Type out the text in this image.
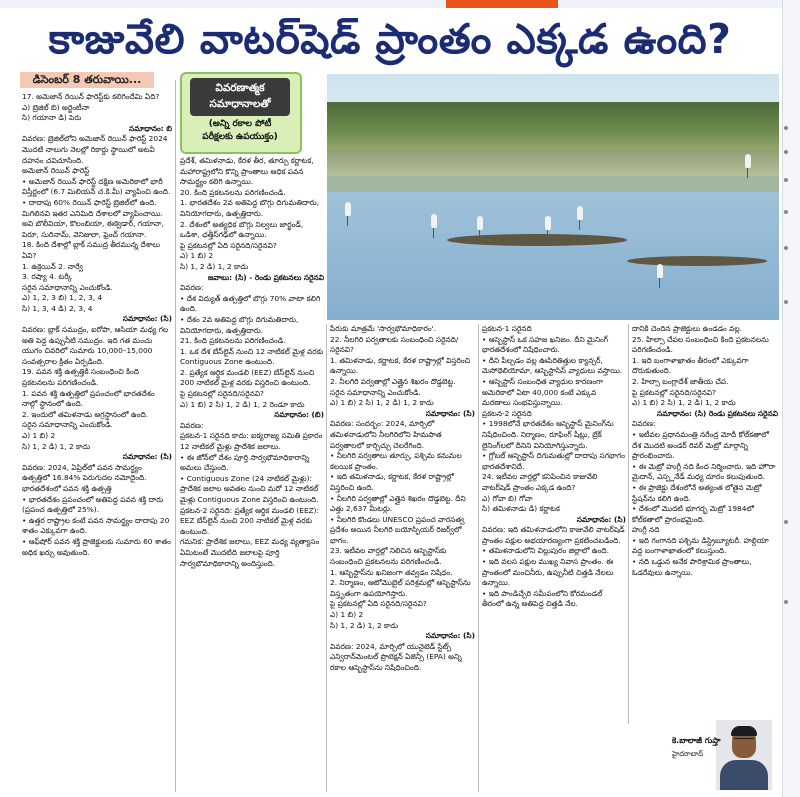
కాజువేలి వాటర్‌షెడ్ ప్రాంతం ఎక్కడ ఉంది?
డిసెంబర్ 8 తరువాయి...
వివరణాత్మక
సమాధానాలతో
(అన్ని రకాల పోటీ పరీక్షలకు ఉపయుక్తం)

17. అమెజాన్ రెయిన్ ఫారెస్ట్‌కు కలిగిందేమి ఏది?

ఎ) బ్రెజిల్ బి) అర్జెంటీనా

సి) గయానా డి) పెరు

సమాధానం: బి

వివరణ: బ్రెజిల్‌లోని అమెజాన్ రెయిన్ ఫారెస్ట్ 2024 మొదటి నాలుగు నెలల్లో రికార్డు స్థాయిలో అటవీ దహనం చవిచూసింది.

అమెజాన్ రెయిన్ ఫారెస్ట్

• అమెజాన్ రెయిన్ ఫారెస్ట్ దక్షిణ అమెరికాలో భారీ విస్తీర్ణంలో (6.7 మిలియన్ చ.కి.మీ) వ్యాపించి ఉంది.

• దాదాపు 60% రెయిన్ ఫారెస్ట్ బ్రెజిల్‌లో ఉంది. మిగిలినవి ఇతర ఎనిమిది దేశాలలో వ్యాపించాయి. అవి బొలీవియా, కొలంబియా, ఈక్వెడార్, గయానా, పెరూ, సురినామ్, వెనిజులా, ఫ్రెంచ్ గయానా.

18. కింది దేశాల్లో బ్లాక్ సముద్ర తీరమున్న దేశాలు ఏవి?

1. ఉక్రెయిన్ 2. నార్వే

3. రష్యా 4. టర్కీ

సరైన సమాధానాన్ని ఎంచుకోండి.

ఎ) 1, 2, 3 బి) 1, 2, 3, 4

సి) 1, 3, 4 డి) 2, 3, 4

సమాధానం: (సి)

వివరణ: బ్లాక్ సముద్రం, ఐరోపా, ఆసియా మధ్య గల అతి పెద్ద ఉప్పునీటి సముద్రం. ఇది గత మంచు యుగం చివరిలో సుమారు 10,000–15,000 సంవత్సరాల క్రితం ఏర్పడింది.

19. పవన శక్తి ఉత్పత్తికి సంబంధించి కింది ప్రకటనలను పరిగణించండి.

1. పవన శక్తి ఉత్పత్తిలో ప్రపంచంలో భారతదేశం నాల్గో స్థానంలో ఉంది.

2. ఇందులో తమిళనాడు అగ్రస్థానంలో ఉంది.

సరైన సమాధానాన్ని ఎంచుకోండి.

ఎ) 1 బి) 2

సి) 1, 2 డి) 1, 2 కాదు

సమాధానం: (సి)

వివరణ: 2024, ఏప్రిల్‌లో పవన సామర్థ్యం ఉత్పత్తిలో 16.84% పెరుగుదల నమోదైంది.

భారతదేశంలో పవన శక్తి ఉత్పత్తి

• భారతదేశం ప్రపంచంలో అతిపెద్ద పవన శక్తి దారు (ప్రపంచ ఉత్పత్తిలో 25%).

• ఉత్తర రాష్ట్రాల కంటే పవన సామర్థ్యం దాదాపు 20 శాతం ఎక్కువగా ఉంది.

• ఆఫ్‌షోర్ పవన శక్తి ప్రాజెక్టులకు సుమారు 60 శాతం అధిక ఖర్చు అవుతుంది.

ప్రదేశ్, తమిళనాడు, కేరళ తీర, తూర్పు కర్ణాటక, మహారాష్ట్రలోని కొన్ని ప్రాంతాలు అధిక పవన సామర్థ్యం కలిగి ఉన్నాయి.

20. కింది ప్రకటనలను పరిగణించండి.

1. భారతదేశం 2వ అతిపెద్ద బొగ్గు దిగుమతిదారు, వినియోగదారు, ఉత్పత్తిదారు.

2. దేశంలో అత్యధిక బొగ్గు నిల్వలు జార్ఖండ్, ఒడిశా, ఛత్తీస్‌గఢ్‌లో ఉన్నాయి.

పై ప్రకటనల్లో ఏది సరైనది/సరైనవి?

ఎ) 1 బి) 2

సి) 1, 2 డి) 1, 2 కాదు

జవాబు: (సి) - రెండు ప్రకటనలు సరైనవి

వివరణ:

• దేశ విద్యుత్ ఉత్పత్తిలో బొగ్గు 70% వాటా కలిగి ఉంది.

• దేశం 2వ అతిపెద్ద బొగ్గు దిగుమతిదారు, వినియోగదారు, ఉత్పత్తిదారు.

21. కింది ప్రకటనలను పరిగణించండి.

1. ఒక దేశ బేస్‌లైన్ నుంచి 12 నాటికల్ మైళ్ల వరకు Contiguous Zone ఉంటుంది.

2. ప్రత్యేక ఆర్థిక మండలి (EEZ) బేస్‌లైన్ నుంచి 200 నాటికల్ మైళ్ల వరకు విస్తరించి ఉంటుంది.

పై ప్రకటనల్లో సరైనది/సరైనవి?

ఎ) 1 బి) 2 సి) 1, 2 డి) 1, 2 రెండూ కాదు

సమాధానం: (బి)

వివరణ:

ప్రకటన-1 సరైనది కాదు: ఐక్యరాజ్య సమితి ప్రకారం 12 నాటికల్ మైళ్లు ప్రాదేశిక జలాలు.

• ఈ జోన్‌లో దేశం పూర్తి సార్వభౌమాధికారాన్ని అమలు చేస్తుంది.

• Contiguous Zone (24 నాటికల్ మైళ్లు): ప్రాదేశిక జలాల అవతల నుంచి మరో 12 నాటికల్ మైళ్లు Contiguous Zone విస్తరించి ఉంటుంది.

ప్రకటన-2 సరైనది: ప్రత్యేక ఆర్థిక మండలి (EEZ): EEZ బేస్‌లైన్ నుంచి 200 నాటికల్ మైళ్ల వరకు ఉంటుంది.

గమనిక: ప్రాదేశిక జలాలు, EEZ మధ్య వ్యత్యాసం ఏమిటంటే మొదటిది జలాలపై పూర్తి సార్వభౌమాధికారాన్ని అందిస్తుంది.

పేరుకు మాత్రమే 'సార్వభౌమాధికారం'.

22. నీలగిరి పర్వతాలకు సంబంధించి సరైనది/సరైనవి?

1. తమిళనాడు, కర్ణాటక, కేరళ రాష్ట్రాల్లో విస్తరించి ఉన్నాయి.

2. నీలగిరి పర్వతాల్లో ఎత్తైన శిఖరం దొడ్డబెట్ట.

సరైన సమాధానాన్ని ఎంచుకోండి.

ఎ) 1 బి) 2 సి) 1, 2 డి) 1, 2 కాదు

సమాధానం: (సి)

వివరణ: సందర్భం: 2024, మార్చిలో తమిళనాడులోని నీలగిరిలోని హిమపాత పర్వతాలలో కార్చిచ్చు చెలరేగింది.

• నీలగిరి పర్వతాలు తూర్పు, పశ్చిమ కనుమల కలయిక ప్రాంతం.

• ఇది తమిళనాడు, కర్ణాటక, కేరళ రాష్ట్రాల్లో విస్తరించి ఉంది.

• నీలగిరి పర్వతాల్లో ఎత్తైన శిఖరం దొడ్డబెట్ట. దీని ఎత్తు 2,637 మీటర్లు.

• నీలగిరి కొండలు UNESCO ప్రపంచ వారసత్వ ప్రదేశం అయిన నీలగిరి బయోస్ఫియర్ రిజర్వ్‌లో భాగం.

23. ఇటీవల వార్తల్లో నిలిచిన ఆస్బెస్టాస్‌కు సంబంధించి ప్రకటనలను పరిగణించండి.

1. ఆస్బెస్టాస్‌ను ఖనిజంగా తవ్వడం నిషేధం.

2. నిర్మాణం, ఆటోమొబైల్ పరిశ్రమల్లో ఆస్బెస్టాస్‌ను విస్తృతంగా ఉపయోగిస్తారు.

పై ప్రకటనల్లో ఏది సరైనది/సరైనవి?

ఎ) 1 బి) 2

సి) 1, 2 డి) 1, 2 కాదు

సమాధానం: (సి)

వివరణ: 2024, మార్చిలో యునైటెడ్ స్టేట్స్ ఎన్విరాన్‌మెంటల్ ప్రొటెక్షన్ ఏజెన్సీ (EPA) అన్ని రకాల ఆస్బెస్టాస్‌ను నిషేధించింది.

ప్రకటన-1 సరైనది

• ఆస్బెస్టాస్ ఒక సహజ ఖనిజం. దీని మైనింగ్ భారతదేశంలో నిషేధించారు.

• దీని పీల్చడం వల్ల ఊపిరితిత్తుల క్యాన్సర్, మెసోథెలియోమా, ఆస్బెస్టాసిస్ వ్యాధులు వస్తాయి.

• ఆస్బెస్టాస్ సంబంధిత వ్యాధుల కారణంగా అమెరికాలో ఏటా 40,000 కంటే ఎక్కువ మరణాలు సంభవిస్తున్నాయి.

ప్రకటన-2 సరైనది

• 1998లోనే భారతదేశం ఆస్బెస్టాస్ మైనింగ్‌ను నిషేధించింది. నిర్మాణం, రూఫింగ్ షీట్లు, బ్రేక్ లైనింగ్‌లలో దీనిని వినియోగిస్తున్నారు.

• గ్లోబల్ ఆస్బెస్టాస్ దిగుమతుల్లో దాదాపు సగభాగం భారతదేశానిదే.

24. ఇటీవల వార్తల్లో కనిపించిన కాజువేలి వాటర్‌షెడ్ ప్రాంతం ఎక్కడ ఉంది?

ఎ) గోవా బి) గోవా

సి) తమిళనాడు డి) కర్ణాటక

సమాధానం: (సి)

వివరణ: ఇది తమిళనాడులోని కాజువేలి వాటర్‌షెడ్ ప్రాంతం పక్షుల అభయారణ్యంగా ప్రకటించబడింది.

• తమిళనాడులోని విల్లుపురం జిల్లాలో ఉంది.

• ఇది వలస పక్షుల ముఖ్య నివాస ప్రాంతం. ఈ ప్రాంతంలో మంచినీరు, ఉప్పునీటి చిత్తడి నేలలు ఉన్నాయి.

• ఇది పాండిచ్చేరి సమీపంలోని కోరమండల్ తీరంలో ఉన్న అతిపెద్ద చిత్తడి నేల.

దానికి చెందిన ప్రాజెక్టులు ఉండడం వల్ల.

25. హిల్సా చేపల సంబంధించి కింది ప్రకటనలను పరిగణించండి.

1. ఇది బంగాళాఖాతం తీరంలో ఎక్కువగా దొరుకుతుంది.

2. హిల్సా బంగ్లాదేశ్ జాతీయ చేప.

పై ప్రకటనల్లో సరైనది/సరైనవి?

ఎ) 1 బి) 2 సి) 1, 2 డి) 1, 2 కాదు

సమాధానం: (సి) రెండు ప్రకటనలు సరైనవి

వివరణ:

• ఇటీవల ప్రధానమంత్రి నరేంద్ర మోదీ కోల్‌కతాలో దేశ మొదటి అండర్ రివర్ మెట్రో మార్గాన్ని ప్రారంభించారు.

• ఈ మెట్రో హుగ్లీ నది కింద నిర్మించారు. ఇది హౌరా మైదాన్, ఎస్ప్లనేడ్ మధ్య దూరం కలుపుతుంది.

• ఈ ప్రాజెక్టు దేశంలోనే అత్యంత లోతైన మెట్రో స్టేషన్‌ను కలిగి ఉంది.

• దేశంలో మొదటి భూగర్భ మెట్రో 1984లో కోల్‌కతాలో ప్రారంభమైంది.

హుగ్లీ నది

• ఇది గంగానది పశ్చిమ డిస్ట్రిబ్యూటరీ. హల్దియా వద్ద బంగాళాఖాతంలో కలుస్తుంది.

• నది ఒడ్డున అనేక పారిశ్రామిక ప్రాంతాలు, ఓడరేవులు ఉన్నాయి.

కె.బాలాజీ గుప్తా
హైదరాబాద్
